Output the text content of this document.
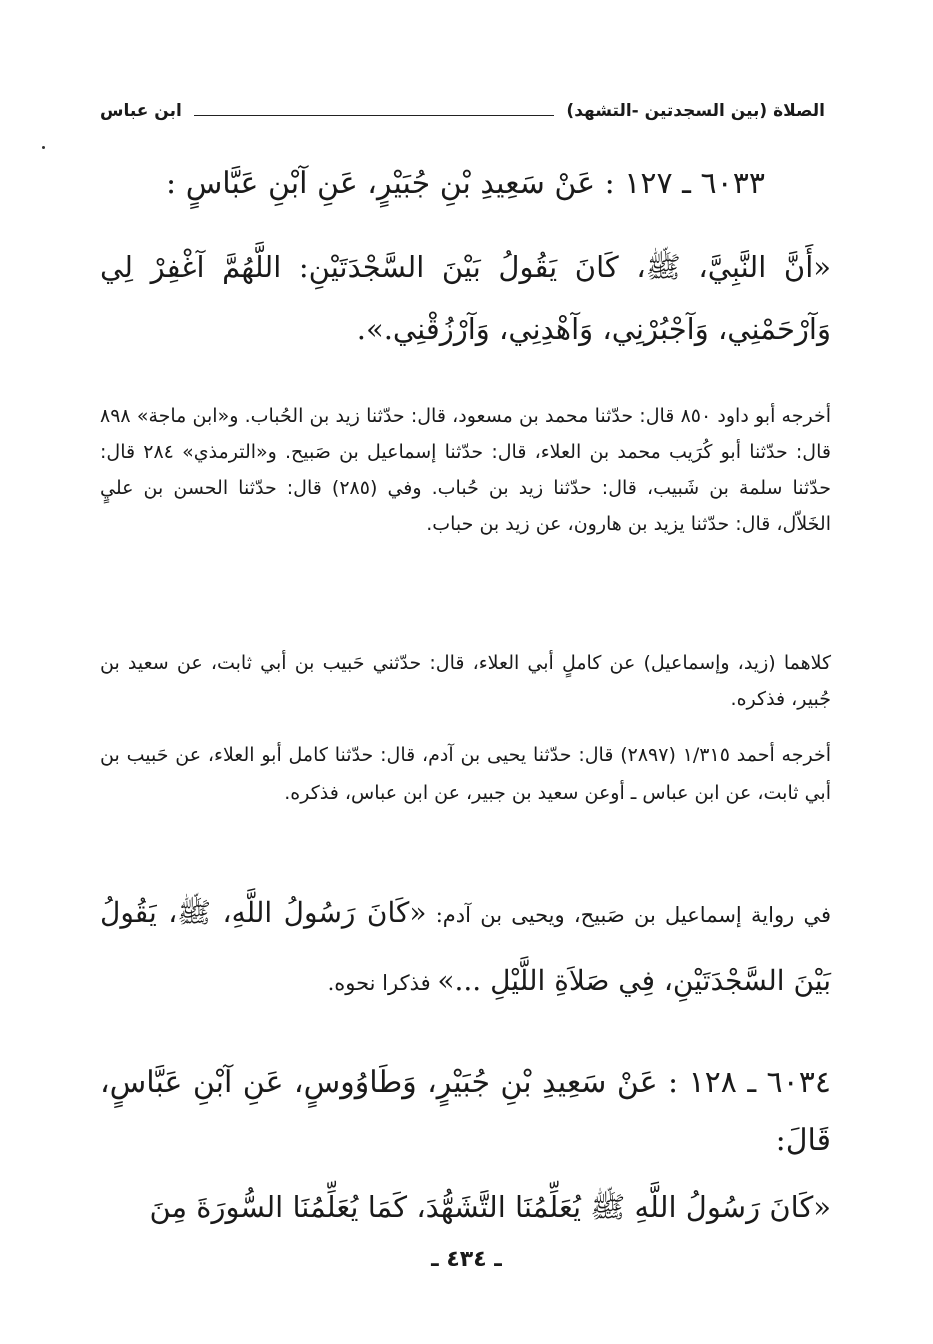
الصلاة (بين السجدتين -التشهد)
ابن عباس
٦٠٣٣ ـ ١٢٧ : عَنْ سَعِيدِ بْنِ جُبَيْرٍ، عَنِ آبْنِ عَبَّاسٍ :
«أَنَّ النَّبِيَّ، ﷺ، كَانَ يَقُولُ بَيْنَ السَّجْدَتَيْنِ: اللَّهُمَّ آغْفِرْ لِي وَآرْحَمْنِي، وَآجْبُرْنِي، وَآهْدِنِي، وَآرْزُقْنِي.».
أخرجه أبو داود ٨٥٠ قال: حدّثنا محمد بن مسعود، قال: حدّثنا زيد بن الحُباب. و«ابن ماجة» ٨٩٨ قال: حدّثنا أبو كُرَيب محمد بن العلاء، قال: حدّثنا إسماعيل بن صَبيح. و«الترمذي» ٢٨٤ قال: حدّثنا سلمة بن شَبيب، قال: حدّثنا زيد بن حُباب. وفي (٢٨٥) قال: حدّثنا الحسن بن عليٍ الخَلاّل، قال: حدّثنا يزيد بن هارون، عن زيد بن حباب.
كلاهما (زيد، وإسماعيل) عن كاملٍ أبي العلاء، قال: حدّثني حَبيب بن أبي ثابت، عن سعيد بن جُبير، فذكره.
أخرجه أحمد ١/٣١٥ (٢٨٩٧) قال: حدّثنا يحيى بن آدم، قال: حدّثنا كامل أبو العلاء، عن حَبيب بن أبي ثابت، عن ابن عباس ـ أوعن سعيد بن جبير، عن ابن عباس، فذكره.
في رواية إسماعيل بن صَبيح، ويحيى بن آدم: «كَانَ رَسُولُ اللَّهِ، ﷺ، يَقُولُ بَيْنَ السَّجْدَتَيْنِ، فِي صَلاَةِ اللَّيْلِ ...» فذكرا نحوه.
٦٠٣٤ ـ ١٢٨ : عَنْ سَعِيدِ بْنِ جُبَيْرٍ، وَطَاوُوسٍ، عَنِ آبْنِ عَبَّاسٍ، قَالَ:
«كَانَ رَسُولُ اللَّهِ ﷺ يُعَلِّمُنَا التَّشَهُّدَ، كَمَا يُعَلِّمُنَا السُّورَةَ مِنَ
ـ ٤٣٤ ـ
